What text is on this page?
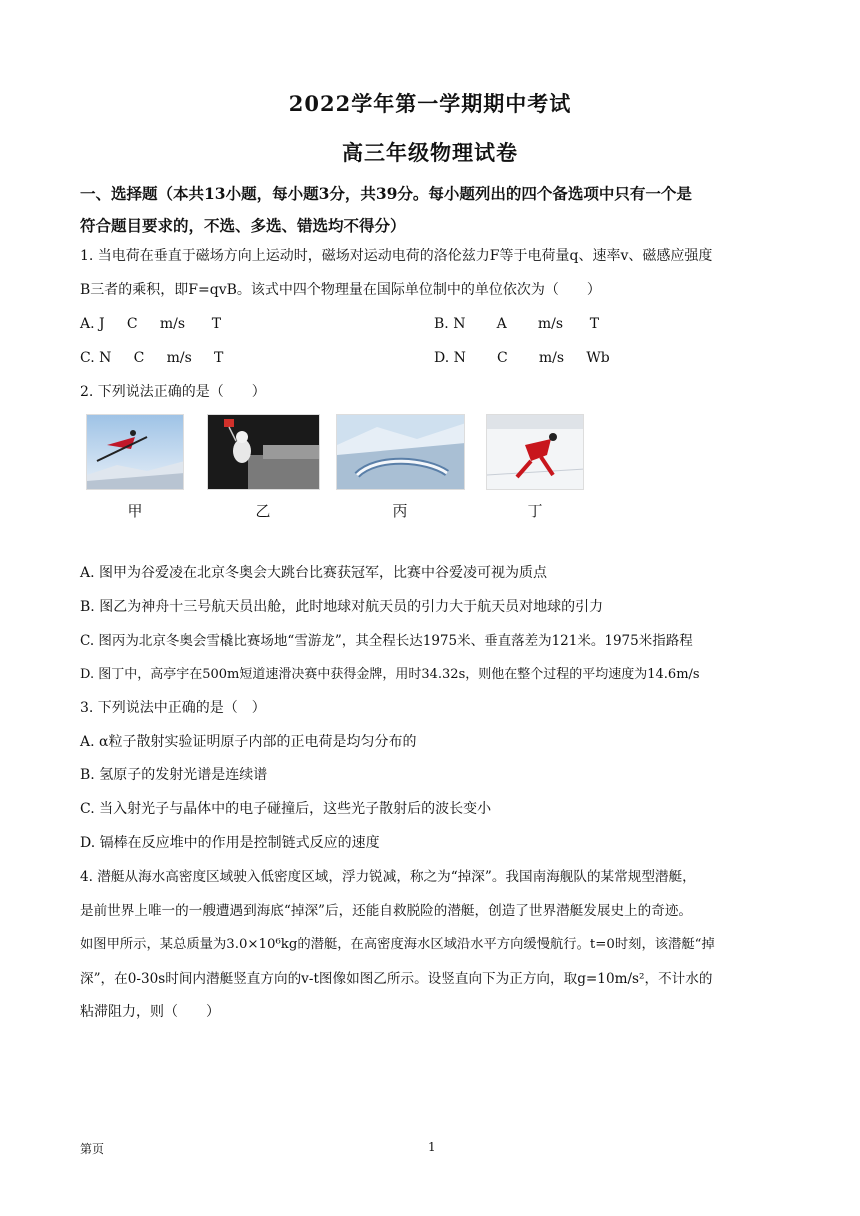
2022学年第一学期期中考试
高三年级物理试卷
一、选择题（本共13小题，每小题3分，共39分。每小题列出的四个备选项中只有一个是
符合题目要求的，不选、多选、错选均不得分）
1. 当电荷在垂直于磁场方向上运动时，磁场对运动电荷的洛伦兹力F等于电荷量q、速率v、磁感应强度
B三者的乘积，即F=qvB。该式中四个物理量在国际单位制中的单位依次为（　　）
A. J     C     m/s      T	B. N       A       m/s      T
C. N     C     m/s     T	D. N       C       m/s     Wb
2. 下列说法正确的是（　　）
甲	乙	丙	丁
A. 图甲为谷爱凌在北京冬奥会大跳台比赛获冠军，比赛中谷爱凌可视为质点
B. 图乙为神舟十三号航天员出舱，此时地球对航天员的引力大于航天员对地球的引力
C. 图丙为北京冬奥会雪橇比赛场地“雪游龙”，其全程长达1975米、垂直落差为121米。1975米指路程
D. 图丁中，高亭宇在500m短道速滑决赛中获得金牌，用时34.32s，则他在整个过程的平均速度为14.6m/s
3. 下列说法中正确的是（　）
A. α粒子散射实验证明原子内部的正电荷是均匀分布的
B. 氢原子的发射光谱是连续谱
C. 当入射光子与晶体中的电子碰撞后，这些光子散射后的波长变小
D. 镉棒在反应堆中的作用是控制链式反应的速度
4. 潜艇从海水高密度区域驶入低密度区域，浮力锐减，称之为“掉深”。我国南海舰队的某常规型潜艇，
是前世界上唯一的一艘遭遇到海底“掉深”后，还能自救脱险的潜艇，创造了世界潜艇发展史上的奇迹。
如图甲所示，某总质量为3.0×10⁶kg的潜艇，在高密度海水区域沿水平方向缓慢航行。t=0时刻，该潜艇“掉
深”，在0-30s时间内潜艇竖直方向的v-t图像如图乙所示。设竖直向下为正方向，取g=10m/s²，不计水的
粘滞阻力，则（　　）
第页	1
